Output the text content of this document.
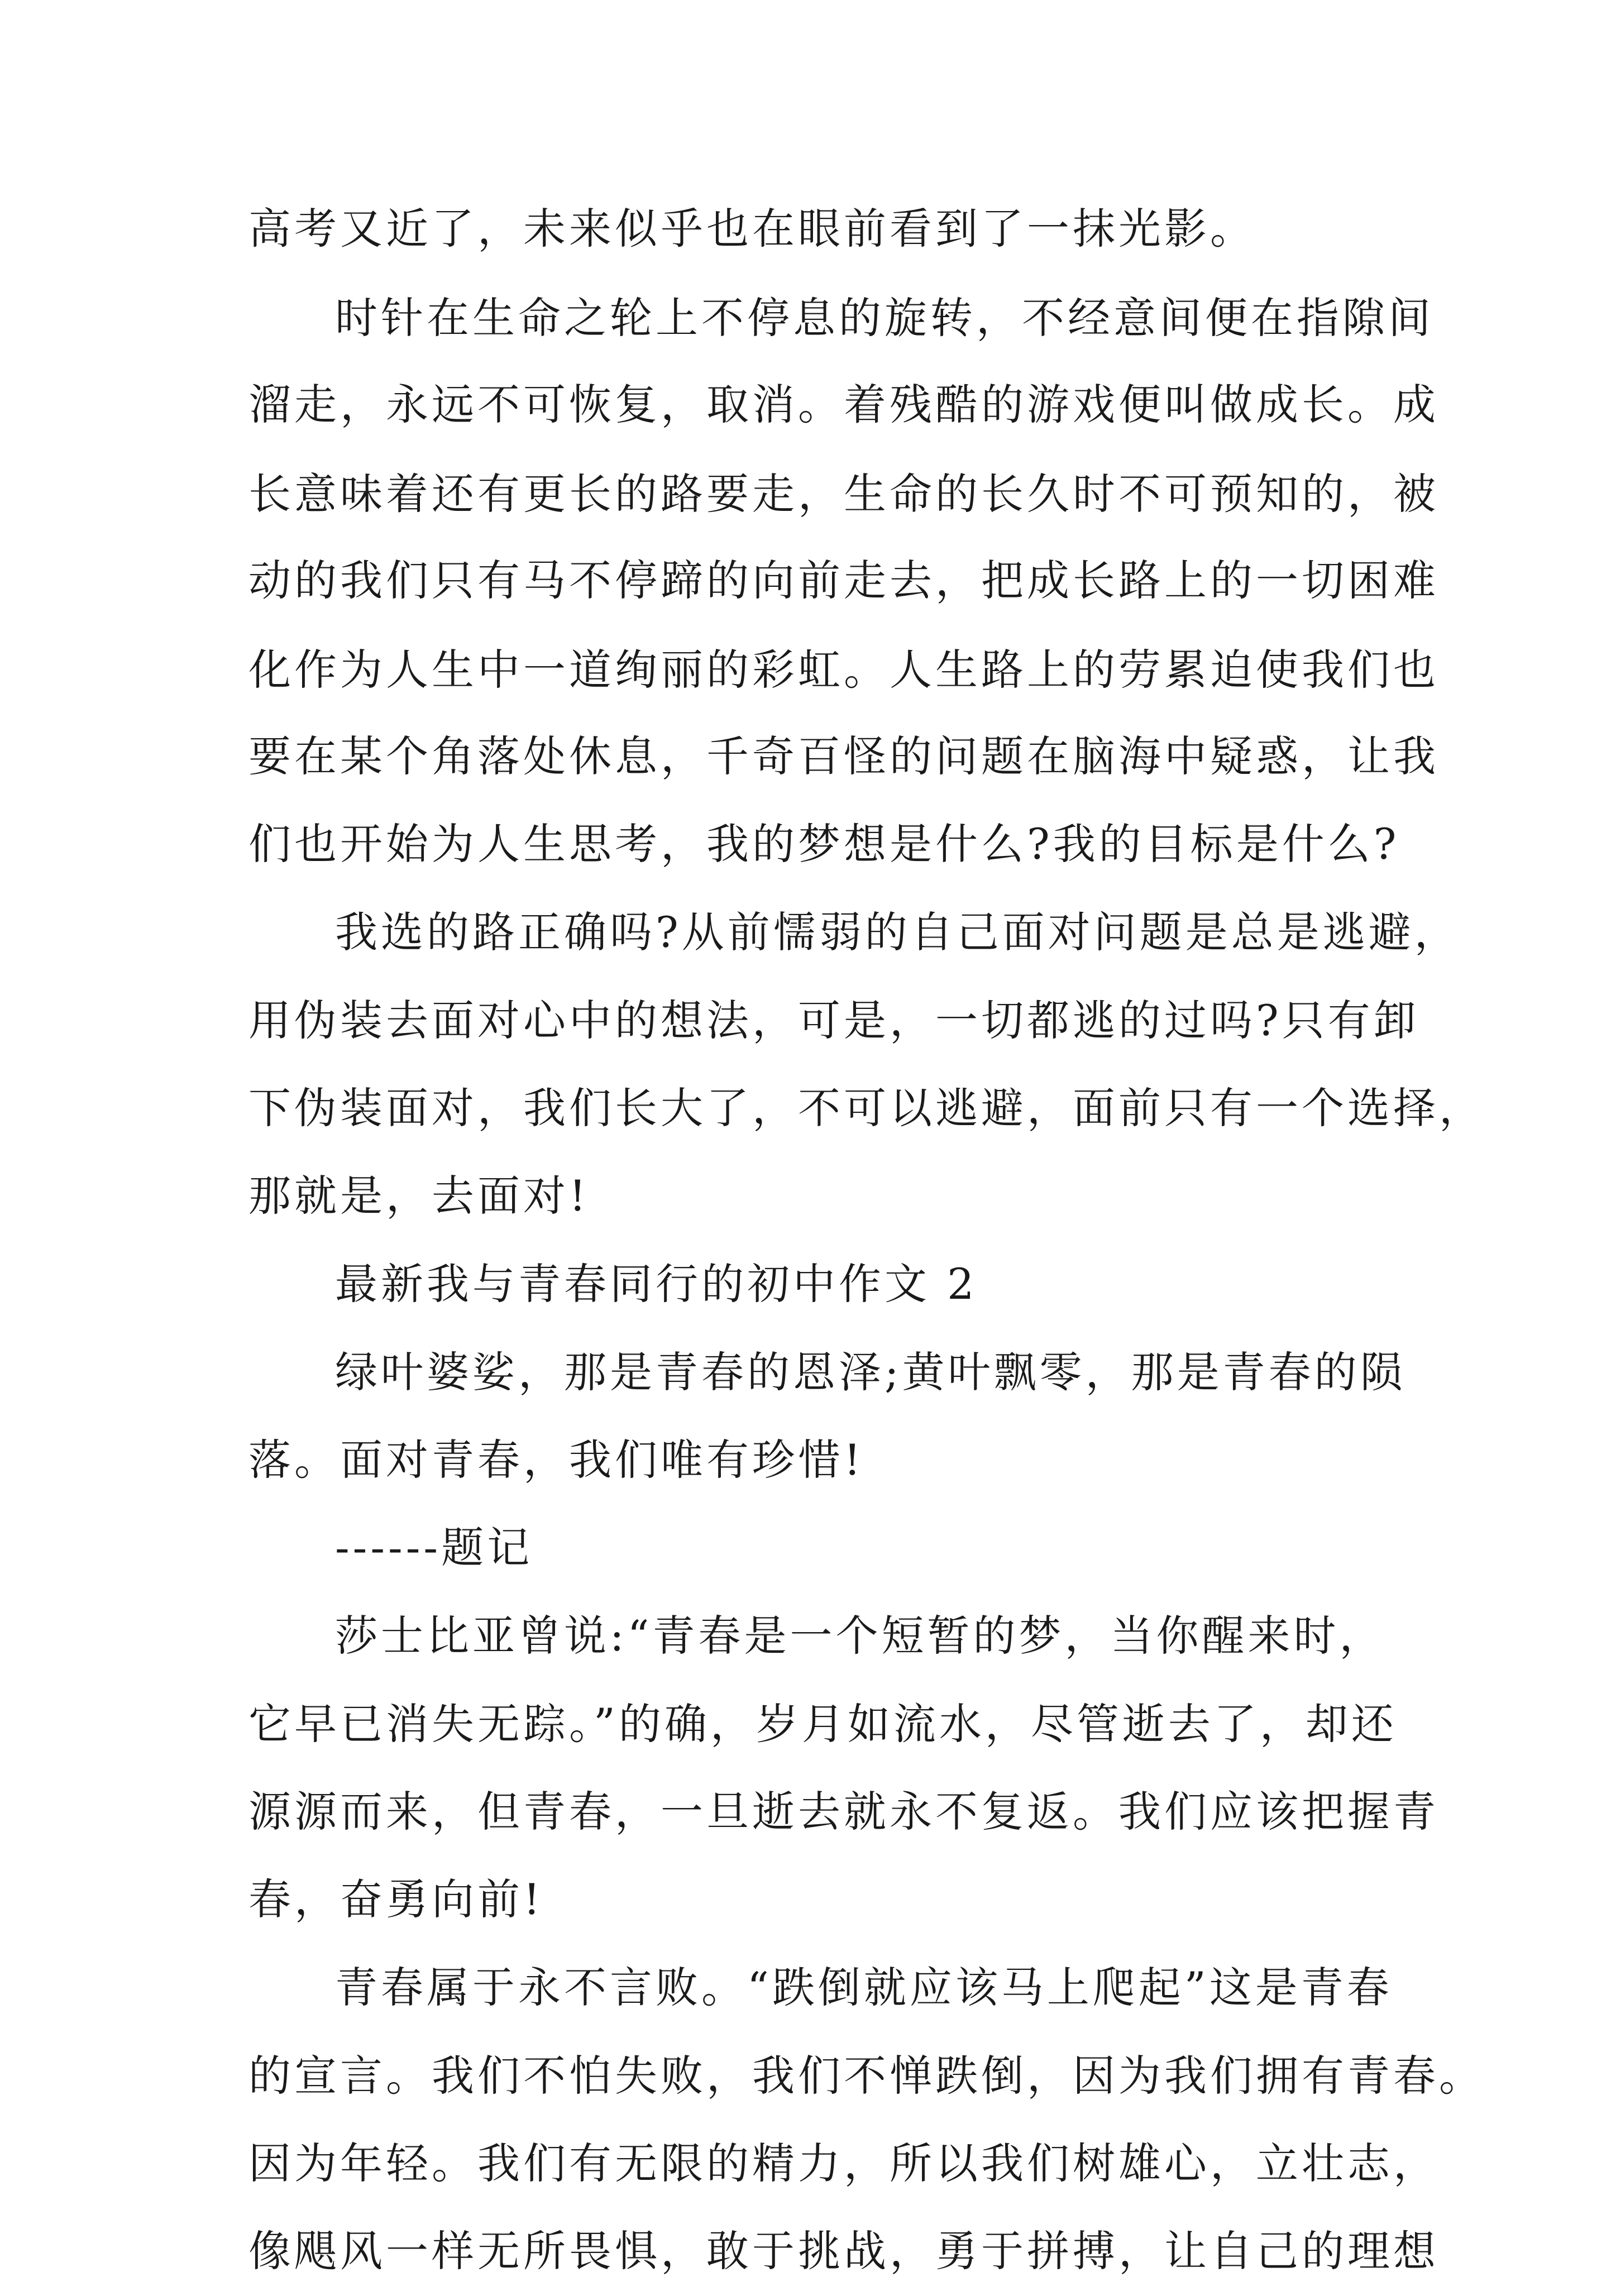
高考又近了，未来似乎也在眼前看到了一抹光影。
时针在生命之轮上不停息的旋转，不经意间便在指隙间
溜走，永远不可恢复，取消。着残酷的游戏便叫做成长。成
长意味着还有更长的路要走，生命的长久时不可预知的，被
动的我们只有马不停蹄的向前走去，把成长路上的一切困难
化作为人生中一道绚丽的彩虹。人生路上的劳累迫使我们也
要在某个角落处休息，千奇百怪的问题在脑海中疑惑，让我
们也开始为人生思考，我的梦想是什么?我的目标是什么?
我选的路正确吗?从前懦弱的自己面对问题是总是逃避，
用伪装去面对心中的想法，可是，一切都逃的过吗?只有卸
下伪装面对，我们长大了，不可以逃避，面前只有一个选择，
那就是，去面对!
最新我与青春同行的初中作文 2
绿叶婆娑，那是青春的恩泽;黄叶飘零，那是青春的陨
落。面对青春，我们唯有珍惜!
------题记
莎士比亚曾说:“青春是一个短暂的梦，当你醒来时，
它早已消失无踪。”的确，岁月如流水，尽管逝去了，却还
源源而来，但青春，一旦逝去就永不复返。我们应该把握青
春，奋勇向前!
青春属于永不言败。“跌倒就应该马上爬起”这是青春
的宣言。我们不怕失败，我们不惮跌倒，因为我们拥有青春。
因为年轻。我们有无限的精力，所以我们树雄心，立壮志，
像飓风一样无所畏惧，敢于挑战，勇于拼搏，让自己的理想
